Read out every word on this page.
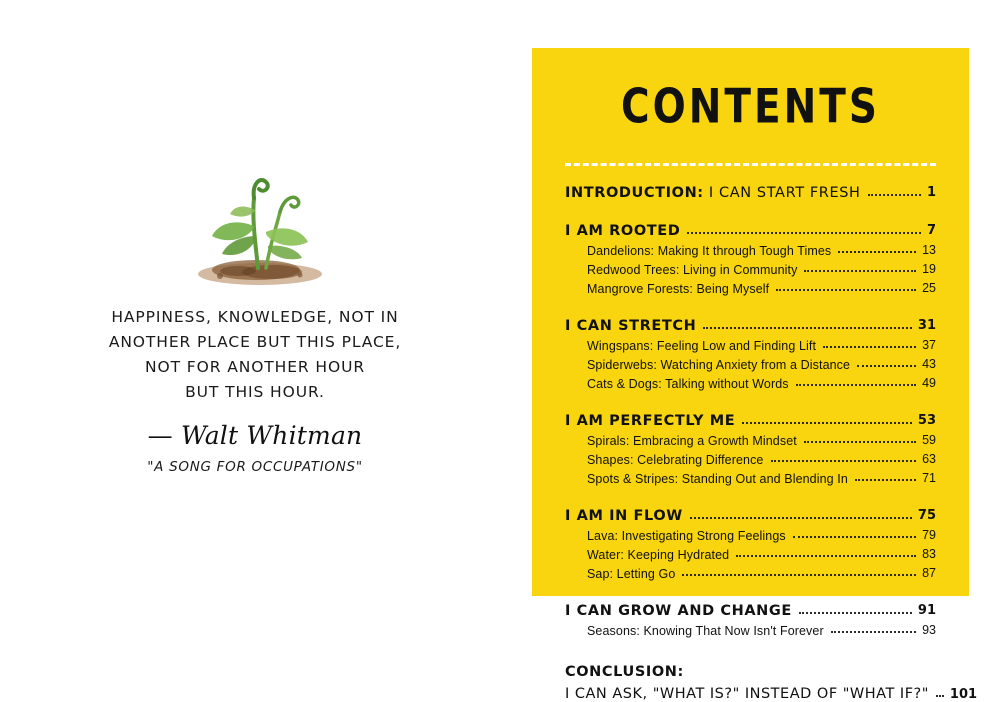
HAPPINESS, KNOWLEDGE, NOT IN
ANOTHER PLACE BUT THIS PLACE,
NOT FOR ANOTHER HOUR
BUT THIS HOUR.
— Walt Whitman
"A SONG FOR OCCUPATIONS"
CONTENTS
INTRODUCTION: I CAN START FRESH	1
I AM ROOTED	7
Dandelions: Making It through Tough Times	13
Redwood Trees: Living in Community	19
Mangrove Forests: Being Myself	25
I CAN STRETCH	31
Wingspans: Feeling Low and Finding Lift	37
Spiderwebs: Watching Anxiety from a Distance	43
Cats & Dogs: Talking without Words	49
I AM PERFECTLY ME	53
Spirals: Embracing a Growth Mindset	59
Shapes: Celebrating Difference	63
Spots & Stripes: Standing Out and Blending In	71
I AM IN FLOW	75
Lava: Investigating Strong Feelings	79
Water: Keeping Hydrated	83
Sap: Letting Go	87
I CAN GROW AND CHANGE	91
Seasons: Knowing That Now Isn't Forever	93
CONCLUSION:
I CAN ASK, "WHAT IS?" INSTEAD OF "WHAT IF?" 101
